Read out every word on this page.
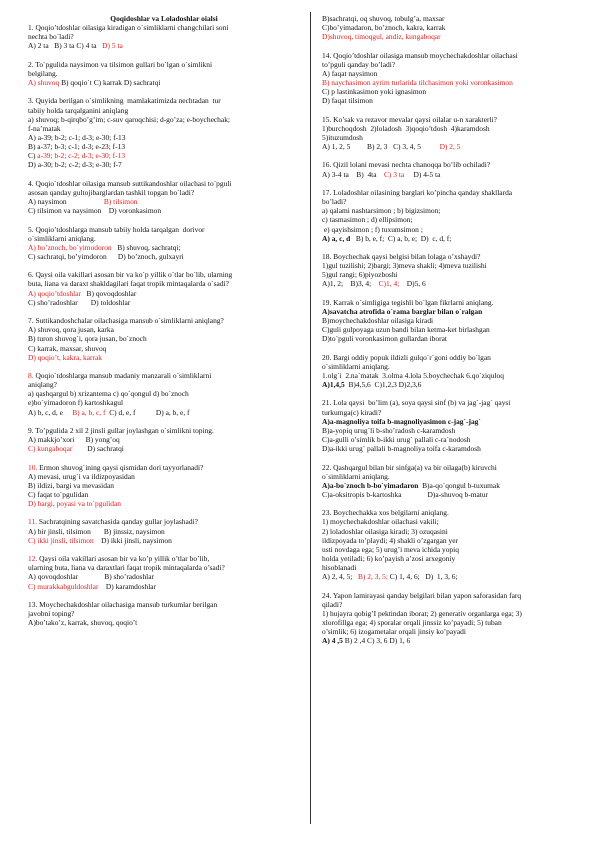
Qoqidoshlar va Loladoshlar oialsi
1. Qoqio’tdoshlar oilasiga kiradigan o`simliklarni changchilari soni
nechta bo`ladi?
A) 2 ta   B) 3 ta C) 4 ta   D) 5 ta
2. To`pgulida naysimon va tilsimon gullari bo`lgan o`simlikni
belgilang.
A) shuvoq B) qoqio`t C) karrak D) sachratqi
3. Quyida berilgan o`simlikning  mamlakatimizda nechtadan  tur
tabiiy holda tarqalganini aniqlang
a) shuvoq; b-qirqbo’g’im; c-suv qaroqchisi; d-go’za; e-boychechak;
f-na’matak
A) a-39; b-2; c-1; d-3; e-30; f-13
B) a-37; b-3; c-1; d-3; e-23; f-13
C) a-39; b-2; c-2; d-3; e-30; f-13
D) a-30; b-2; c-2; d-3; e-30; f-7
4. Qoqio`tdoshlar oilasiga mansub suttikandoshlar oilachasi to`pguli
asosan qanday gultojibarglardan tashkil topgan bo`ladi?
A) naysimon                    B) tilsimon
C) tilsimon va naysimon    D) voronkasimon
5. Qoqio’tdoshlarga mansub tabiiy holda tarqalgan  dorivor
o`simliklarni aniqlang.
A) bo’znoch, bo`yimodoron   B) shuvoq, sachratqi;
C) sachratqi, bo’yimdoron      D) bo’znoch, gulxayri
6. Qaysi oila vakillari asosan bir va ko`p yillik o`tlar bo`lib, ularning
buta, liana va daraxt shakldagilari faqat tropik mintaqalarda o`sadi?
A) qoqio’tdoshlar   B) qovoqdoshlar
C) sho’radoshlar       D) toldoshlar
7. Suttikandoshchalar oilachasiga mansub o`simliklarni aniqlang?
A) shuvoq, qora jusan, karka
B) turon shuvog`i, qora jusan, bo`znoch
C) karrak, maxsar, shuvoq
D) qoqio’t, kakra, karrak
8. Qoqio`tdoshlarga mansub madaniy manzarali o`simliklarni
aniqlang?
a) qashqargul b) xrizantema c) qo`qongul d) bo`znoch
e)bo`yimadoron f) kartoshkagul
A) b, c, d, e     B) a, b, c, f  C) d, e, f           D) a, b, e, f
9. To’pgulida 2 xil 2 jinsli gullar joylashgan o`simlikni toping.
A) makkjo’xori      B) yong’oq
C) kungaboqar        D) sachratqi
10. Ermon shuvog`ining qaysi qismidan dori tayyorlanadi?
A) mevasi, urug`i va ildizpoyasidan
B) ildizi, bargi va mevasidan
C) faqat to`pgulidan
D) bargi, poyasi va to`pgulidan
11. Sachratqining savatchasida qanday gullar joylashadi?
A) bir jinsli, tilsimon       B) jinssiz, naysimon
C) ikki jinsli, tilsimon    D) ikki jinsli, naysimon
12. Qaysi oila vakillari asosan bir va ko’p yillik o’tlar bo’lib,
ularning buta, liana va daraxtlari faqat tropik mintaqalarda o’sadi?
A) qovoqdoshlar              B) sho’radoshlar
C) murakkabguldoshlar    D) karamdoshlar
13. Moychechakdoshlar oilachasiga mansub turkumlar berilgan
javobni toping?
A)bo’tako’z, karrak, shuvoq, qoqio’t
B)sachratqi, oq shuvoq, tobulg’a, maxsar
C)bo’yimadaron, bo’znoch, kakra, karrak
D)shuvoq, timoqgul, andiz, kungaboqar
14. Qoqio’tdoshlar oilasiga mansub moychechakdoshlar oilachasi
to’pguli qanday bo’ladi?
A) faqat naysimon
B) naychasimon ayrim turlarida tilchasimon yoki voronkasimon
C) p lastinkasimon yoki ignasimon
D) faqat tilsimon
15. Ko’sak va rezavor mevalar qaysi oilalar u-n xarakterli?
1)burchoqdosh  2)loladosh  3)qoqio’tdosh  4)karamdosh
5)ituzumdosh
A) 1, 2, 5         B) 2, 3   C) 3, 4, 5          D) 2, 5
16. Qizil lolani mevasi nechta chanoqqa bo’lib ochiladi?
A) 3-4 ta    B)  4ta    C) 3 ta     D) 4-5 ta
17. Loladoshlar oilasining barglari ko’pincha qanday shakllarda
bo’ladi?
a) qalami nashtarsimon ; b) bigizsimon;
c) tasmasimon ; d) ellipsimon;
e) qayishsimon ; f) tuxumsimon ;
A) a, c, d   B) b, e, f;  C) a, b, e;  D)  c, d, f;
18. Boychechak qaysi belgisi bilan lolaga o’xshaydi?
1)gul tuzilishi; 2)bargi; 3)meva shakli; 4)meva tuzilishi
5)gul rangi; 6)piyozboshi
A)1, 2;    B)3, 4;    C)1, 4;    D)5, 6
19. Karrak o`simligiga tegishli bo`lgan fikrlarni aniqlang.
A)savatcha atrofida o`rama barglar bilan o`ralgan
B)moychechakdoshlar oilasiga kiradi
C)guli gulpoyaga uzun bandi bilan ketma-ket birlashgan
D)to`pguli voronkasimon gullardan iborat
20. Bargi oddiy popuk ildizli gulqo`r`goni oddiy bo`lgan
o`simliklarni aniqlang.
1.olg`i  2.na`matak  3.olma 4.lola 5.boychechak 6.qo`ziquloq
A)1,4,5  B)4,5,6  C)1,2,3 D)2,3,6
21. Lola qaysi  bo’lim (a), soya qaysi sinf (b) va jag`-jag` qaysi
turkumga(c) kiradi?
A)a-magnoliya toifa b-magnoliyasimon c-jag`-jag`
B)a-yopiq urug`li b-sho’radosh c-karamdosh
C)a-gulli o’simlik b-ikki urug` pallali c-ra`nodosh
D)a-ikki urug` pallali b-magnoliya toifa c-karamdosh
22. Qashqargul bilan bir sinfga(a) va bir oilaga(b) kiruvchi
o`simliklarni aniqlang.
A)a-bo`znoch b-bo`yimadaron  B)a-qo`qongul b-tuxumak
C)a-oksitropis b-kartoshka              D)a-shuvoq b-matur
23. Boychechakka xos belgilarni aniqlang.
1) moychechakdoshlar oilachasi vakili;
2) loladoshlar oilasiga kiradi; 3) ozuqasini
ildizpoyada to’playdi; 4) shakli o’zgargan yer
usti novdaga ega; 5) urug’i meva ichida yopiq
holda yetiladi; 6) ko’payish a’zosi arxegoniy
hisoblanadi
A) 2, 4, 5;   B) 2, 3, 5; C) 1, 4, 6;   D)  1, 3, 6;
24. Yapon lamirayasi qanday belgilari bilan yapon saforasidan farq
qiladi?
1) hujayra qobig’I pektindan iborat; 2) generativ organlarga ega; 3)
xlorofillga ega; 4) sporalar orqali jinssiz ko’payadi; 5) tuban
o’simlik; 6) izogametalar orqali jinsiy ko’payadi
A) 4 ,5 B) 2 ,4 C) 3, 6 D) 1, 6
